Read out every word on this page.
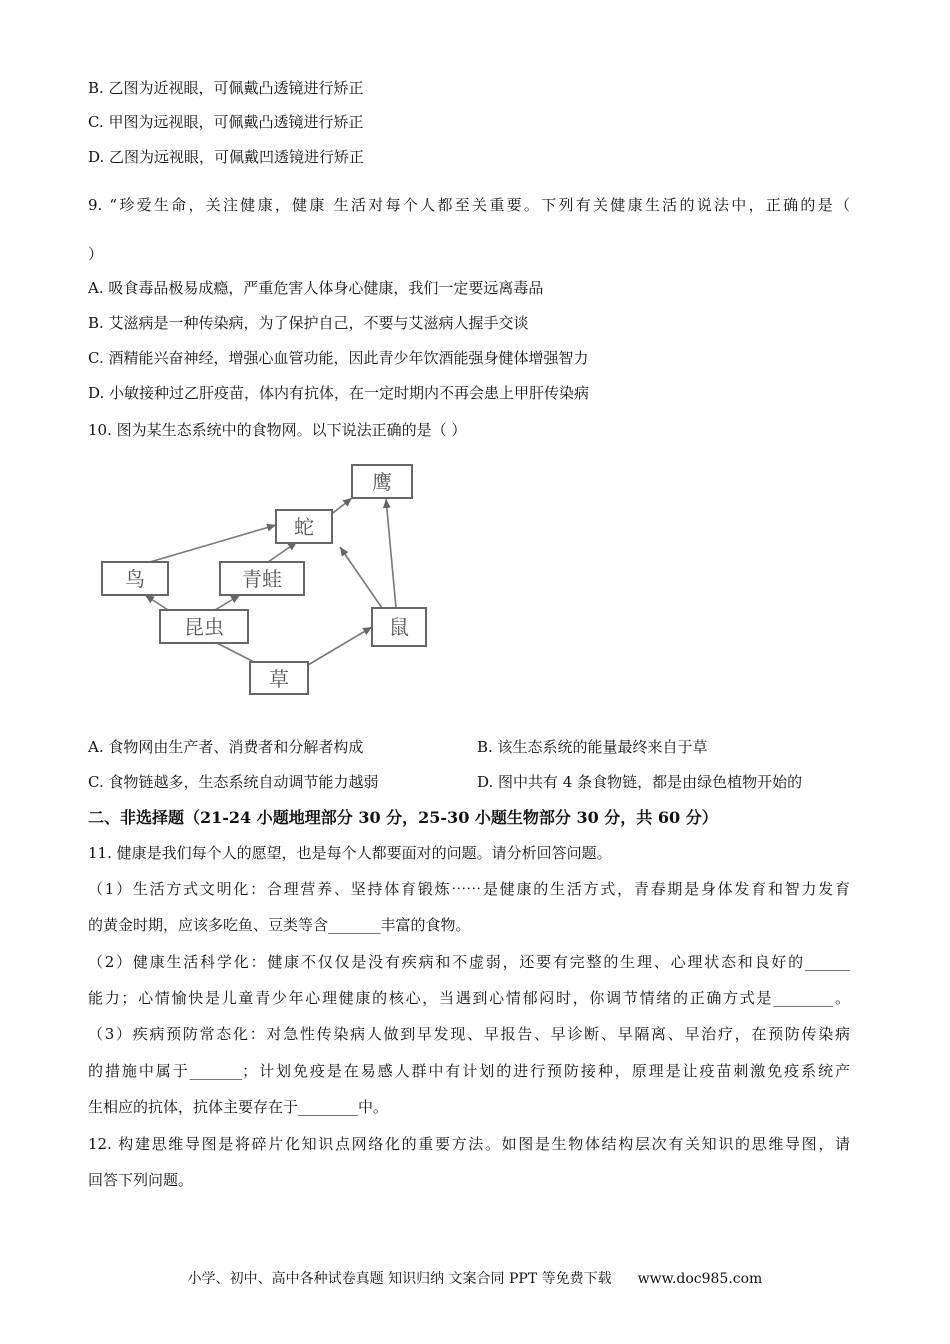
B. 乙图为近视眼，可佩戴凸透镜进行矫正
C. 甲图为远视眼，可佩戴凸透镜进行矫正
D. 乙图为远视眼，可佩戴凹透镜进行矫正
9. “珍爱生命，关注健康，健康 生活对每个人都至关重要。下列有关健康生活的说法中，正确的是（
）
A. 吸食毒品极易成瘾，严重危害人体身心健康，我们一定要远离毒品
B. 艾滋病是一种传染病，为了保护自己，不要与艾滋病人握手交谈
C. 酒精能兴奋神经，增强心血管功能，因此青少年饮酒能强身健体增强智力
D. 小敏接种过乙肝疫苗，体内有抗体，在一定时期内不再会患上甲肝传染病
10. 图为某生态系统中的食物网。以下说法正确的是（ ）
鹰
蛇
鸟	青蛙
昆虫	鼠
草
A. 食物网由生产者、消费者和分解者构成	B. 该生态系统的能量最终来自于草
C. 食物链越多，生态系统自动调节能力越弱	D. 图中共有 4 条食物链，都是由绿色植物开始的
二、非选择题（21-24 小题地理部分 30 分，25-30 小题生物部分 30 分，共 60 分）
11. 健康是我们每个人的愿望，也是每个人都要面对的问题。请分析回答问题。
（1）生活方式文明化：合理营养、坚持体育锻炼⋯⋯是健康的生活方式，青春期是身体发育和智力发育
的黄金时期，应该多吃鱼、豆类等含_______丰富的食物。
（2）健康生活科学化：健康不仅仅是没有疾病和不虚弱，还要有完整的生理、心理状态和良好的______
能力；心情愉快是儿童青少年心理健康的核心，当遇到心情郁闷时，你调节情绪的正确方式是________。
（3）疾病预防常态化：对急性传染病人做到早发现、早报告、早诊断、早隔离、早治疗，在预防传染病
的措施中属于_______；计划免疫是在易感人群中有计划的进行预防接种，原理是让疫苗刺激免疫系统产
生相应的抗体，抗体主要存在于________中。
12. 构建思维导图是将碎片化知识点网络化的重要方法。如图是生物体结构层次有关知识的思维导图，请
回答下列问题。
小学、初中、高中各种试卷真题 知识归纳 文案合同 PPT 等免费下载 www.doc985.com
